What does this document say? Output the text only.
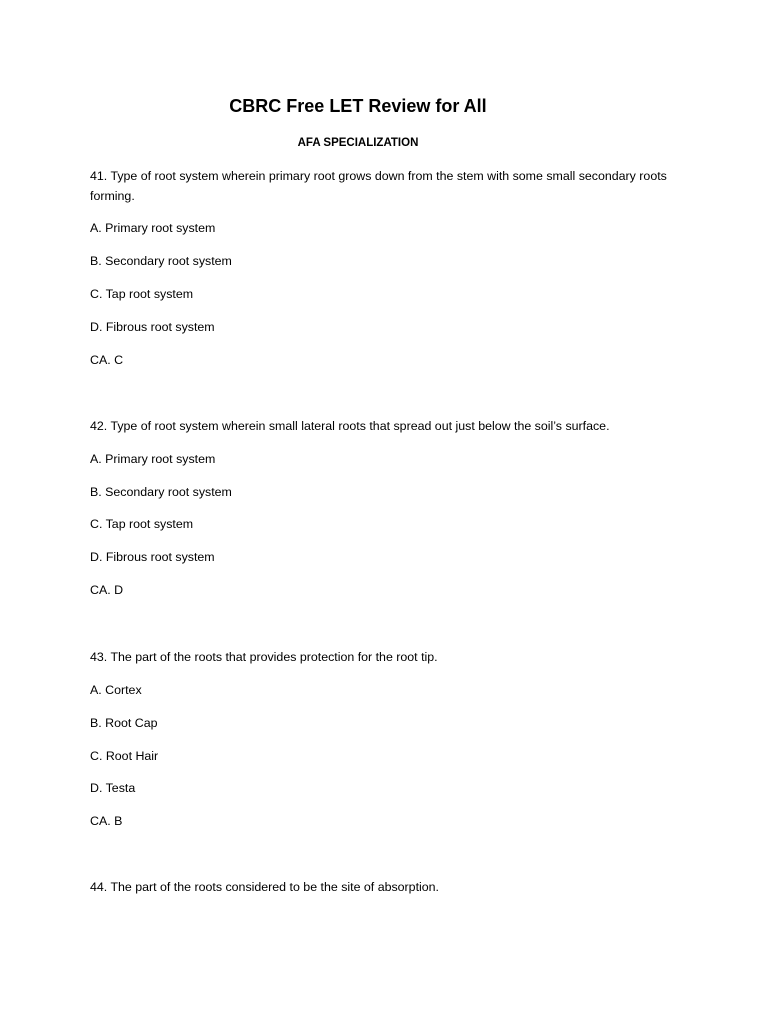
CBRC Free LET Review for All
AFA SPECIALIZATION

41. Type of root system wherein primary root grows down from the stem with some small secondary roots forming.

A. Primary root system

B. Secondary root system

C. Tap root system

D. Fibrous root system

CA. C

42. Type of root system wherein small lateral roots that spread out just below the soil’s surface.

A. Primary root system

B. Secondary root system

C. Tap root system

D. Fibrous root system

CA. D

43. The part of the roots that provides protection for the root tip.

A. Cortex

B. Root Cap

C. Root Hair

D. Testa

CA. B

44. The part of the roots considered to be the site of absorption.
